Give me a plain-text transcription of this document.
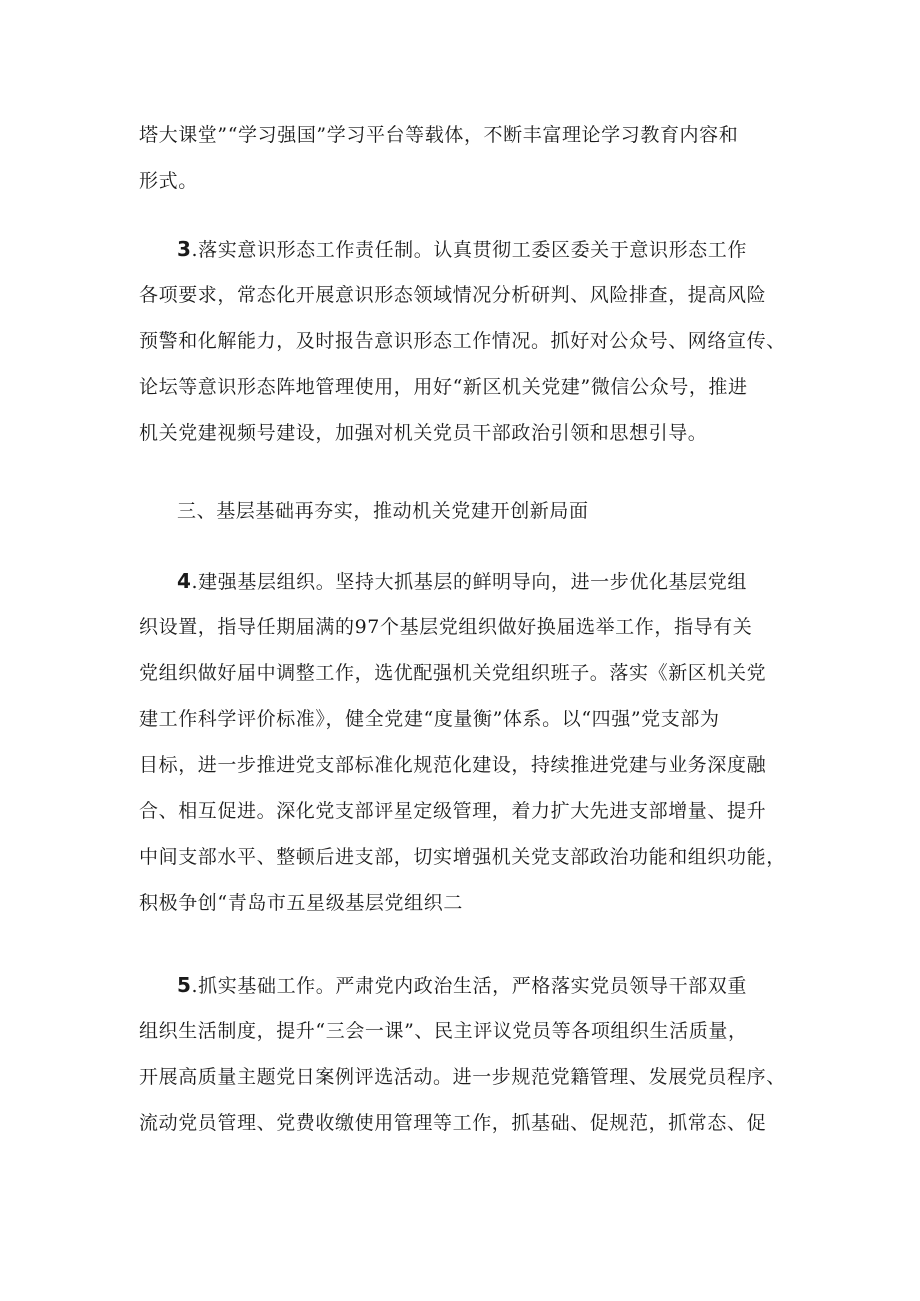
塔大课堂”“学习强国”学习平台等载体，不断丰富理论学习教育内容和
形式。
3.落实意识形态工作责任制。认真贯彻工委区委关于意识形态工作
各项要求，常态化开展意识形态领域情况分析研判、风险排查，提高风险
预警和化解能力，及时报告意识形态工作情况。抓好对公众号、网络宣传、
论坛等意识形态阵地管理使用，用好“新区机关党建”微信公众号，推进
机关党建视频号建设，加强对机关党员干部政治引领和思想引导。
三、基层基础再夯实，推动机关党建开创新局面
4.建强基层组织。坚持大抓基层的鲜明导向，进一步优化基层党组
织设置，指导任期届满的97个基层党组织做好换届选举工作，指导有关
党组织做好届中调整工作，选优配强机关党组织班子。落实《新区机关党
建工作科学评价标准》，健全党建“度量衡”体系。以“四强”党支部为
目标，进一步推进党支部标准化规范化建设，持续推进党建与业务深度融
合、相互促进。深化党支部评星定级管理，着力扩大先进支部增量、提升
中间支部水平、整顿后进支部，切实增强机关党支部政治功能和组织功能，
积极争创“青岛市五星级基层党组织二
5.抓实基础工作。严肃党内政治生活，严格落实党员领导干部双重
组织生活制度，提升“三会一课”、民主评议党员等各项组织生活质量，
开展高质量主题党日案例评选活动。进一步规范党籍管理、发展党员程序、
流动党员管理、党费收缴使用管理等工作，抓基础、促规范，抓常态、促
